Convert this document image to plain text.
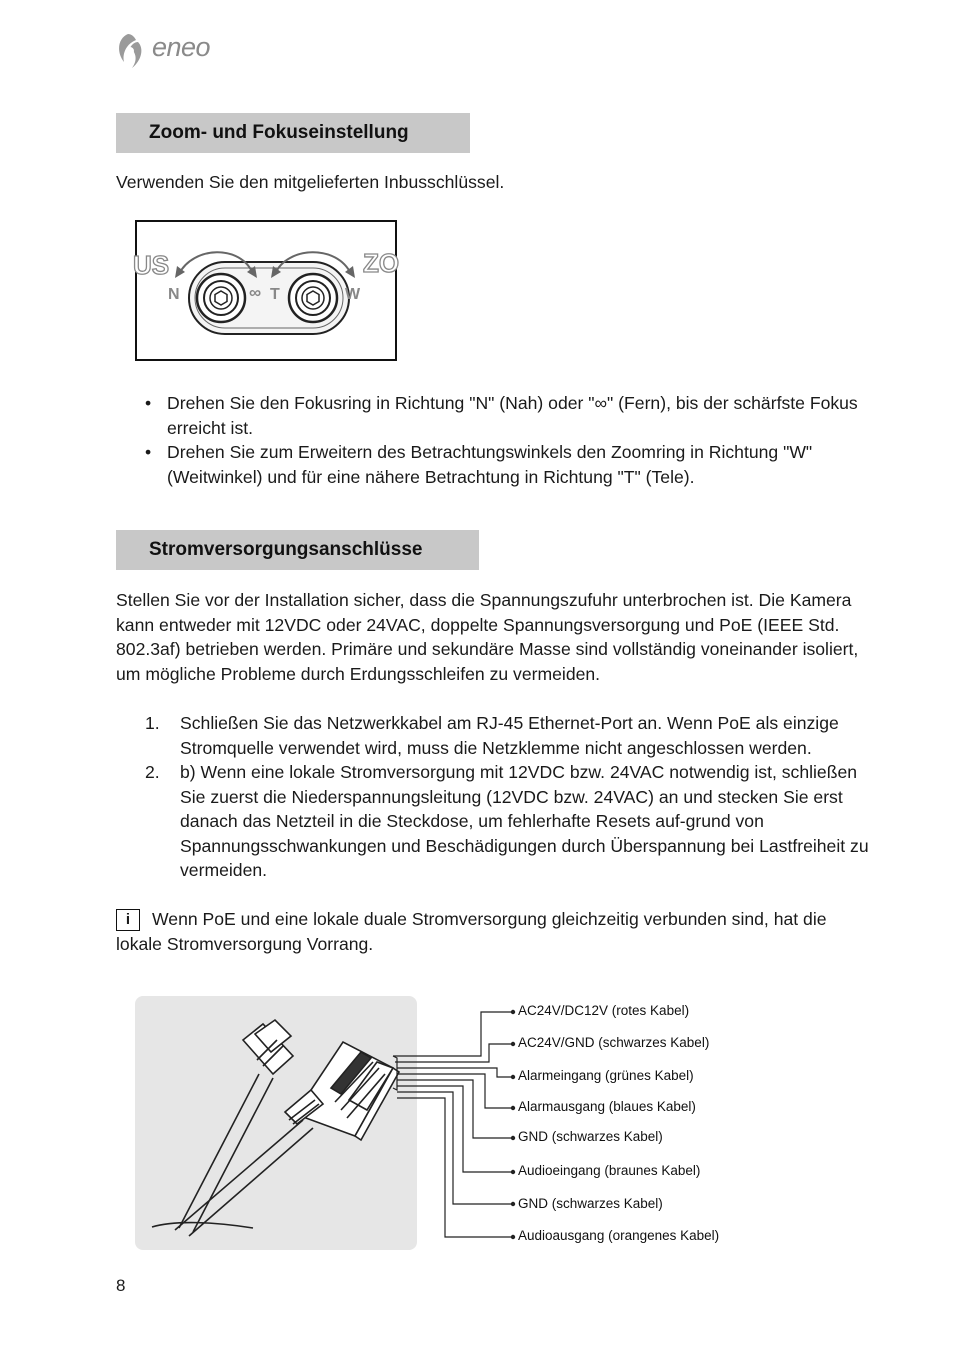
eneo
Zoom- und Fokuseinstellung
Verwenden Sie den mitgelieferten Inbusschlüssel.
US	ZO
N	∞ T	W
• Drehen Sie den Fokusring in Richtung "N" (Nah) oder "∞" (Fern), bis der schärfste Fokus erreicht ist.
• Drehen Sie zum Erweitern des Betrachtungswinkels den Zoomring in Richtung "W" (Weitwinkel) und für eine nähere Betrachtung in Richtung "T" (Tele).
Stromversorgungsanschlüsse
Stellen Sie vor der Installation sicher, dass die Spannungszufuhr unterbrochen ist. Die Kamera kann entweder mit 12VDC oder 24VAC, doppelte Spannungsversorgung und PoE (IEEE Std. 802.3af) betrieben werden. Primäre und sekundäre Masse sind vollständig voneinander isoliert, um mögliche Probleme durch Erdungsschleifen zu vermeiden.
1. Schließen Sie das Netzwerkkabel am RJ-45 Ethernet-Port an. Wenn PoE als einzige Stromquelle verwendet wird, muss die Netzklemme nicht angeschlossen werden.
2. b) Wenn eine lokale Stromversorgung mit 12VDC bzw. 24VAC notwendig ist, schließen Sie zuerst die Niederspannungsleitung (12VDC bzw. 24VAC) an und stecken Sie erst danach das Netzteil in die Steckdose, um fehlerhafte Resets auf-grund von Spannungsschwankungen und Beschädigungen durch Überspannung bei Lastfreiheit zu vermeiden.
i Wenn PoE und eine lokale duale Stromversorgung gleichzeitig verbunden sind, hat die lokale Stromversorgung Vorrang.
AC24V/DC12V (rotes Kabel)
AC24V/GND (schwarzes Kabel)
Alarmeingang (grünes Kabel)
Alarmausgang (blaues Kabel)
GND (schwarzes Kabel)
Audioeingang (braunes Kabel)
GND (schwarzes Kabel)
Audioausgang (orangenes Kabel)
8
